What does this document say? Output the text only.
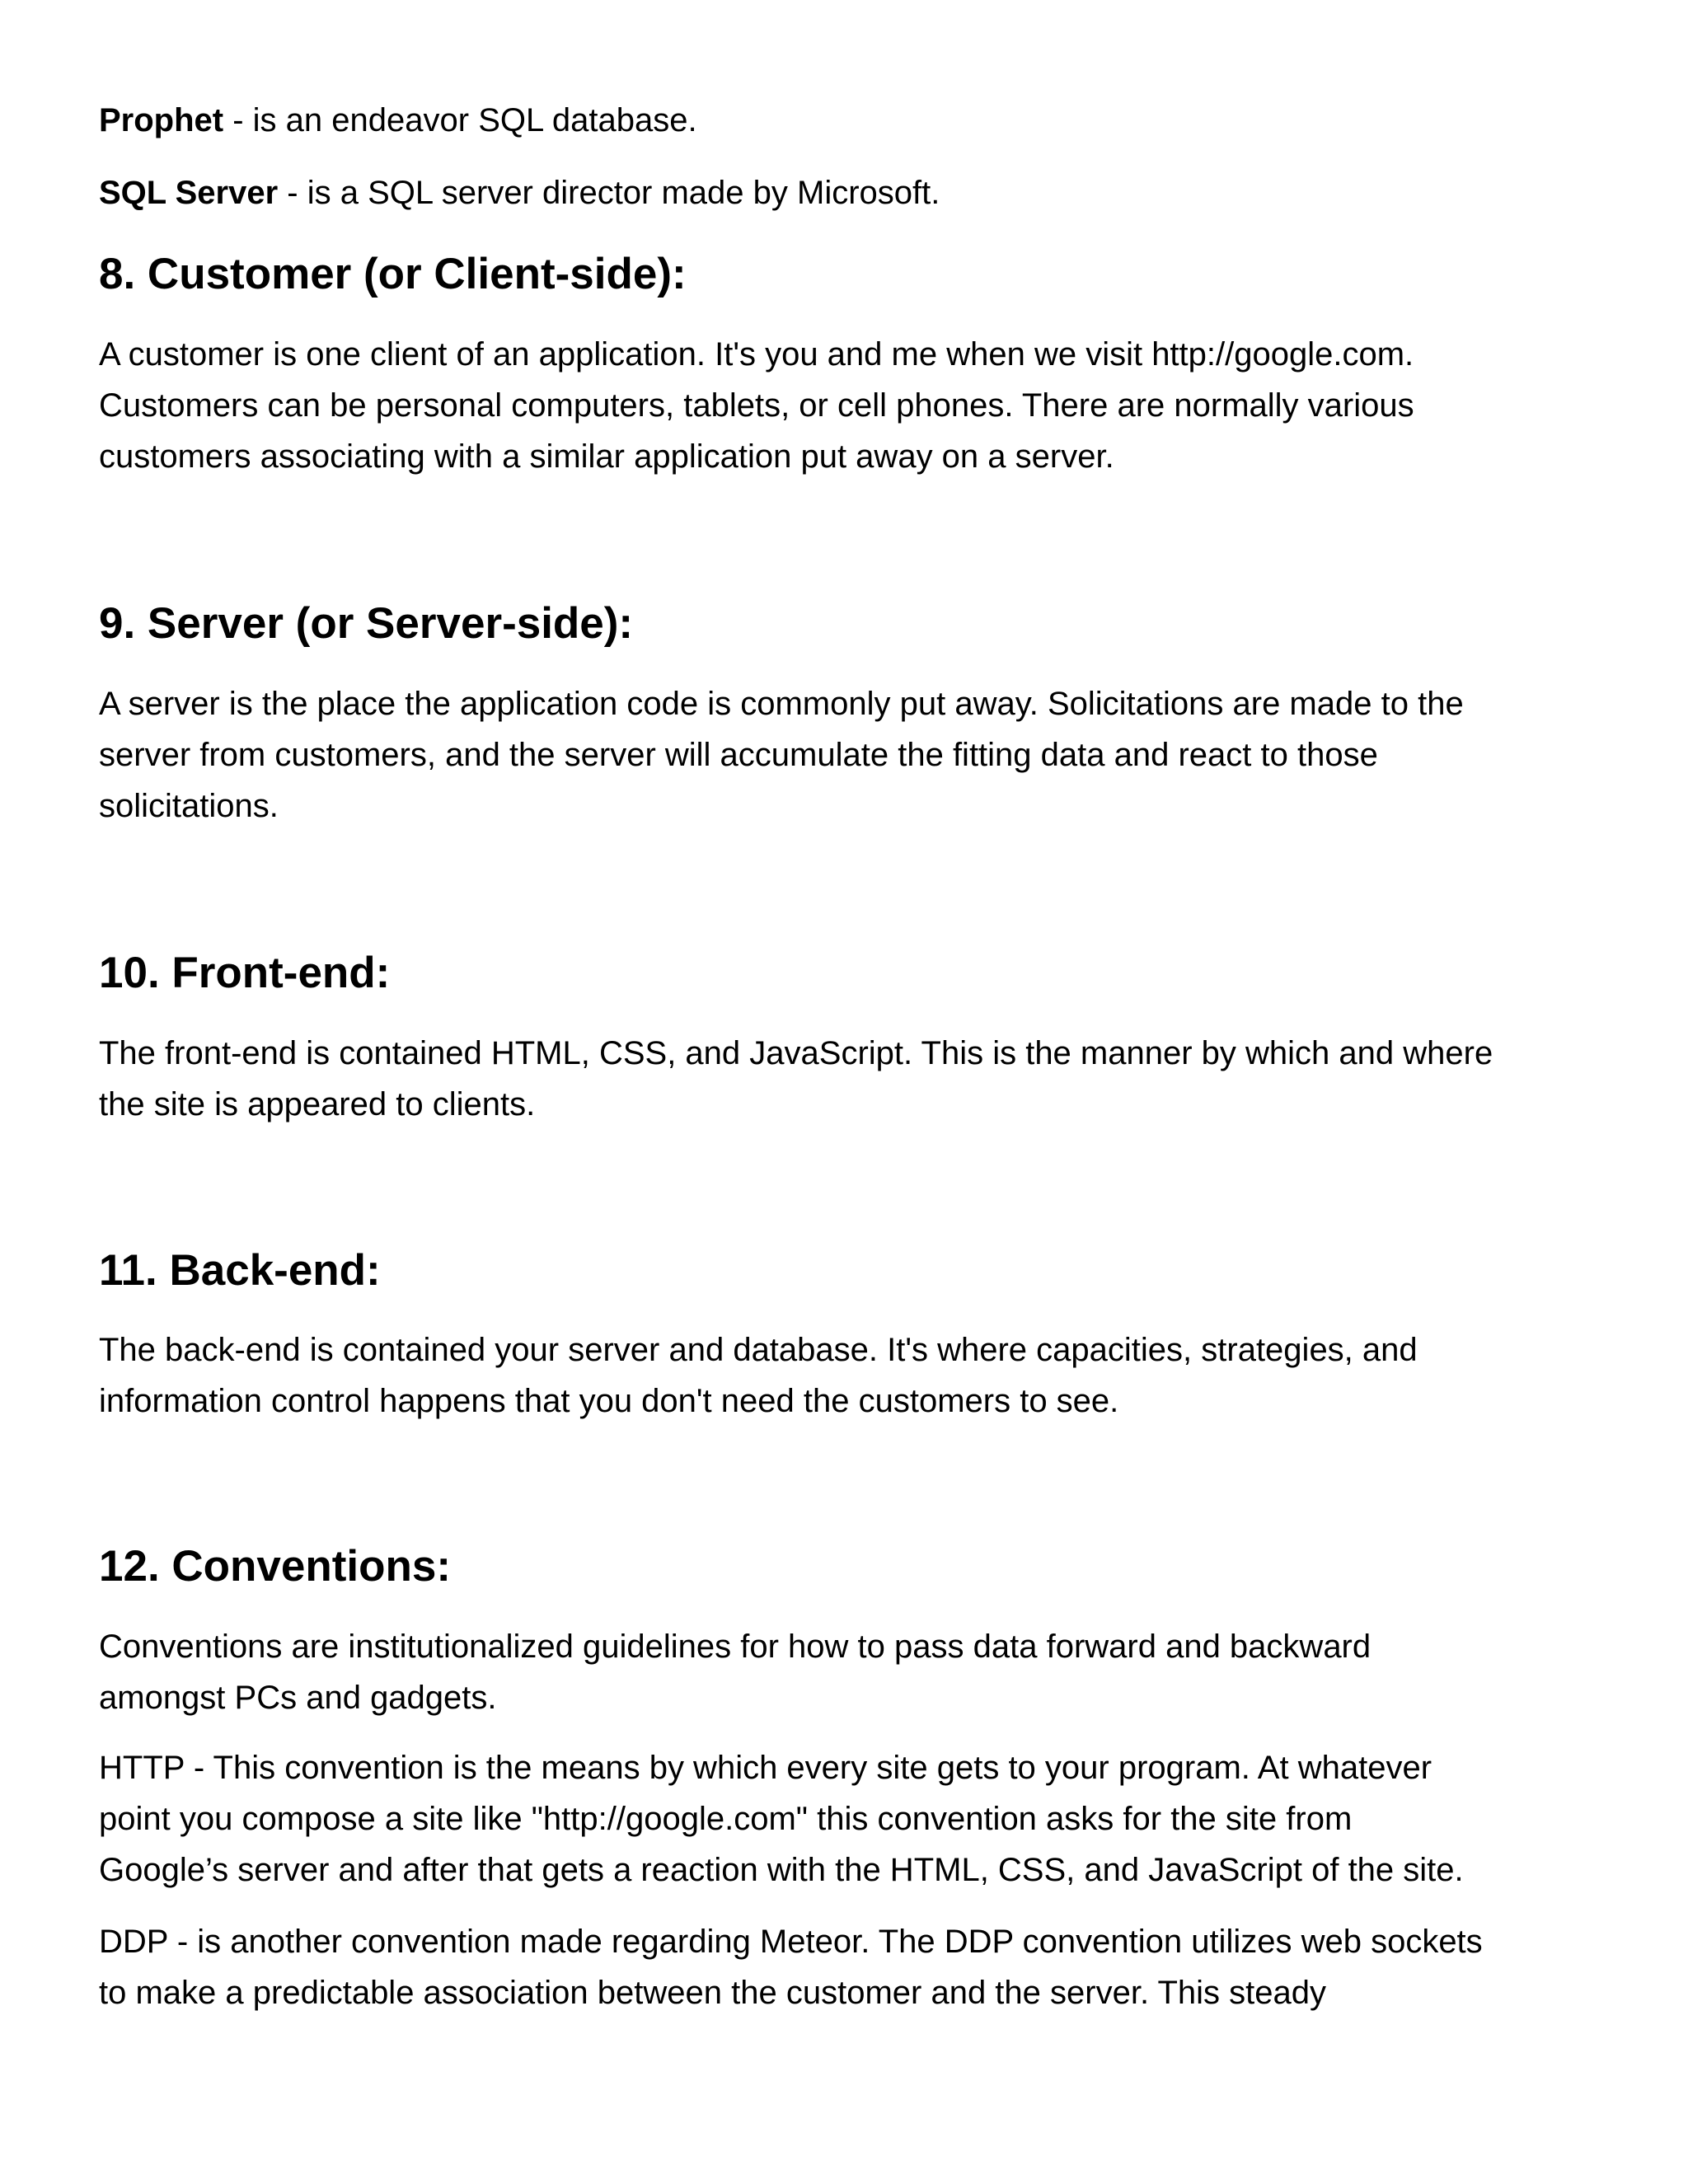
Prophet - is an endeavor SQL database.

SQL Server - is a SQL server director made by Microsoft.

8. Customer (or Client-side):

A customer is one client of an application. It's you and me when we visit http://google.com.
Customers can be personal computers, tablets, or cell phones. There are normally various
customers associating with a similar application put away on a server.

9. Server (or Server-side):

A server is the place the application code is commonly put away. Solicitations are made to the
server from customers, and the server will accumulate the fitting data and react to those
solicitations.

10. Front-end:

The front-end is contained HTML, CSS, and JavaScript. This is the manner by which and where
the site is appeared to clients.

11. Back-end:

The back-end is contained your server and database. It's where capacities, strategies, and
information control happens that you don't need the customers to see.

12. Conventions:

Conventions are institutionalized guidelines for how to pass data forward and backward
amongst PCs and gadgets.

HTTP - This convention is the means by which every site gets to your program. At whatever
point you compose a site like "http://google.com" this convention asks for the site from
Google’s server and after that gets a reaction with the HTML, CSS, and JavaScript of the site.

DDP - is another convention made regarding Meteor. The DDP convention utilizes web sockets
to make a predictable association between the customer and the server. This steady
